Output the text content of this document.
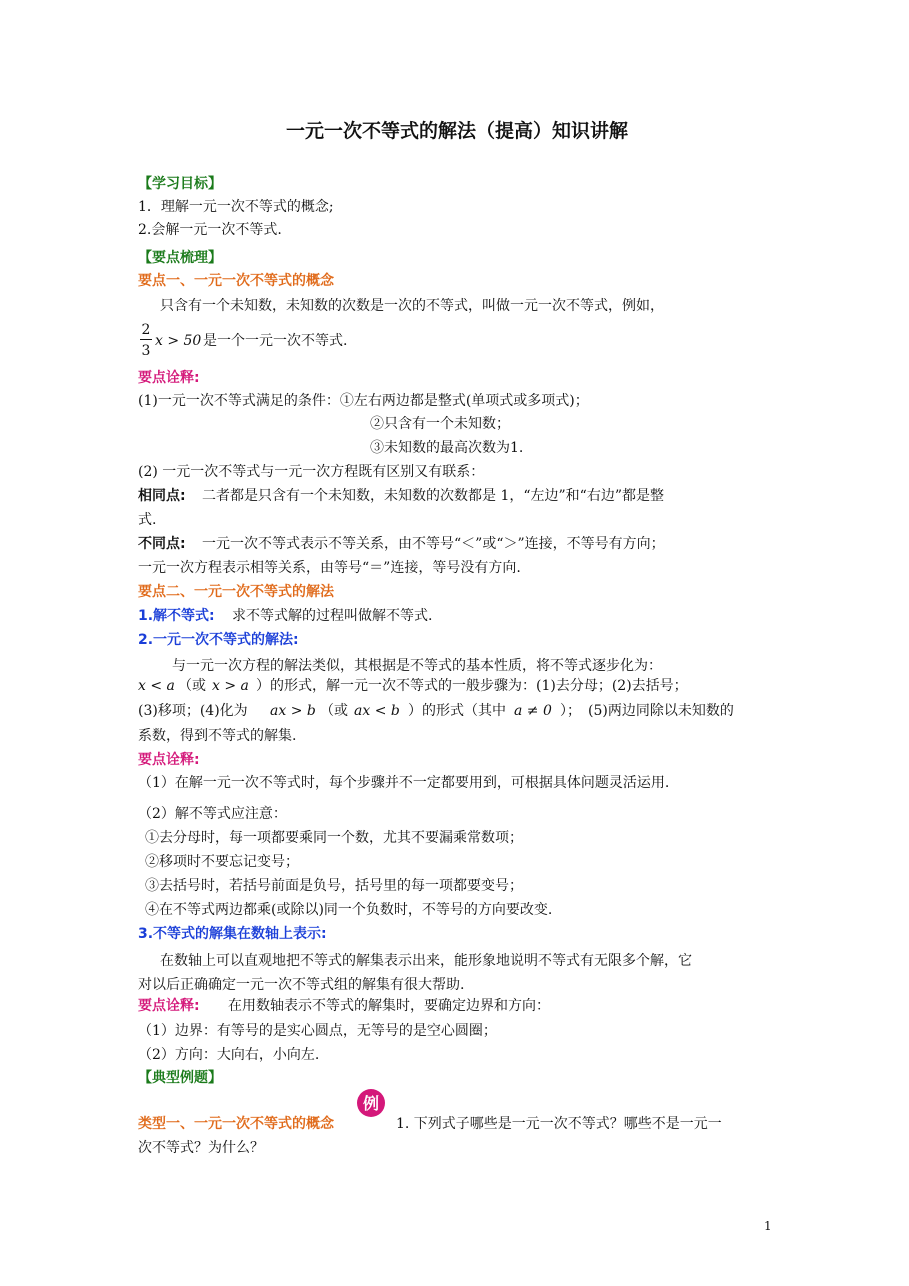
一元一次不等式的解法（提高）知识讲解
【学习目标】
1．理解一元一次不等式的概念;
2.会解一元一次不等式.
【要点梳理】
要点一、一元一次不等式的概念
只含有一个未知数，未知数的次数是一次的不等式，叫做一元一次不等式，例如，
2
3
x > 50 是一个一元一次不等式.
要点诠释:
(1)一元一次不等式满足的条件：①左右两边都是整式(单项式或多项式)；
②只含有一个未知数；
③未知数的最高次数为1.
(2) 一元一次不等式与一元一次方程既有区别又有联系：
相同点: 二者都是只含有一个未知数，未知数的次数都是 1，“左边”和“右边”都是整
式.
不同点: 一元一次不等式表示不等关系，由不等号“＜”或“＞”连接，不等号有方向；
一元一次方程表示相等关系，由等号“＝”连接，等号没有方向.
要点二、一元一次不等式的解法
1.解不等式: 求不等式解的过程叫做解不等式.
2.一元一次不等式的解法:
与一元一次方程的解法类似，其根据是不等式的基本性质，将不等式逐步化为：
x < a （或 x > a ）的形式，解一元一次不等式的一般步骤为：(1)去分母；(2)去括号；
(3)移项；(4)化为 ax > b （或 ax < b ）的形式（其中 a ≠ 0 ）；　(5)两边同除以未知数的
系数，得到不等式的解集.
要点诠释:
（1）在解一元一次不等式时，每个步骤并不一定都要用到，可根据具体问题灵活运用.
（2）解不等式应注意：
①去分母时，每一项都要乘同一个数，尤其不要漏乘常数项；
②移项时不要忘记变号；
③去括号时，若括号前面是负号，括号里的每一项都要变号；
④在不等式两边都乘(或除以)同一个负数时，不等号的方向要改变.
3.不等式的解集在数轴上表示:
在数轴上可以直观地把不等式的解集表示出来，能形象地说明不等式有无限多个解，它
对以后正确确定一元一次不等式组的解集有很大帮助.
要点诠释: 在用数轴表示不等式的解集时，要确定边界和方向：
（1）边界：有等号的是实心圆点，无等号的是空心圆圈；
（2）方向：大向右，小向左.
【典型例题】
类型一、一元一次不等式的概念
例
1. 下列式子哪些是一元一次不等式？哪些不是一元一
次不等式？为什么？
1
